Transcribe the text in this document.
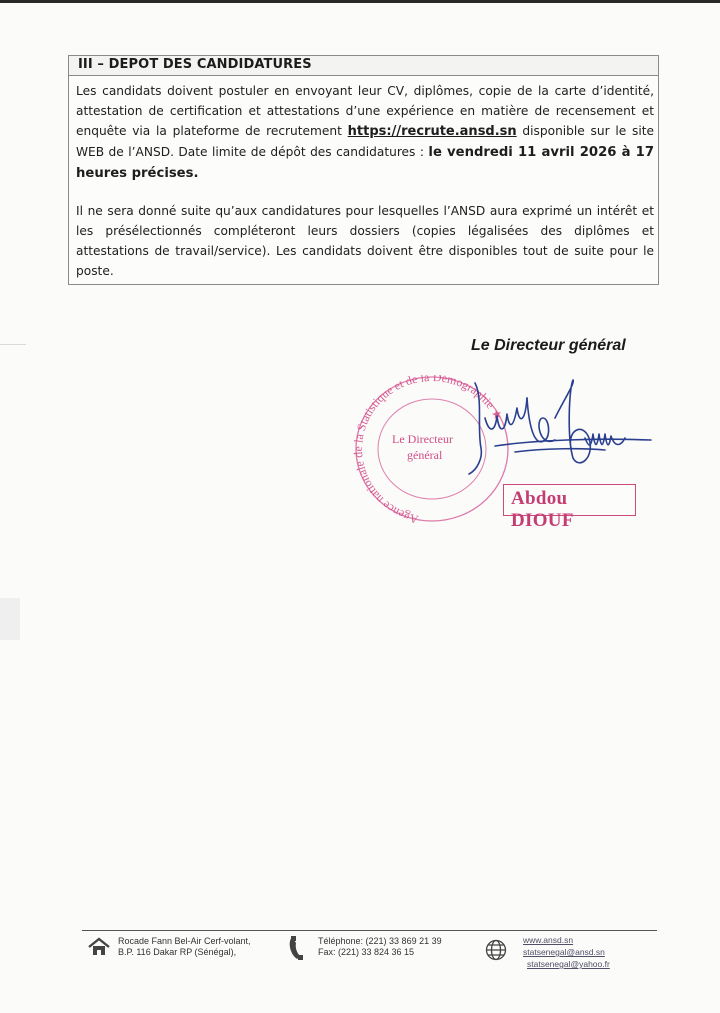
III – DEPOT DES CANDIDATURES
Les candidats doivent postuler en envoyant leur CV, diplômes, copie de la carte d’identité, attestation de certification et attestations d’une expérience en matière de recensement et enquête via la plateforme de recrutement https://recrute.ansd.sn disponible sur le site WEB de l’ANSD. Date limite de dépôt des candidatures : le vendredi 11 avril 2026 à 17 heures précises.
Il ne sera donné suite qu’aux candidatures pour lesquelles l’ANSD aura exprimé un intérêt et les présélectionnés compléteront leurs dossiers (copies légalisées des diplômes et attestations de travail/service). Les candidats doivent être disponibles tout de suite pour le poste.
Le Directeur général
Agence nationale de la Statistique et de la Démographie ★
Le Directeur
général
Abdou DIOUF
Rocade Fann Bel-Air Cerf-volant,
B.P. 116 Dakar RP (Sénégal),
Téléphone: (221) 33 869 21 39
Fax: (221) 33 824 36 15
www.ansd.sn
statsenegal@ansd.sn
statsenegal@yahoo.fr
